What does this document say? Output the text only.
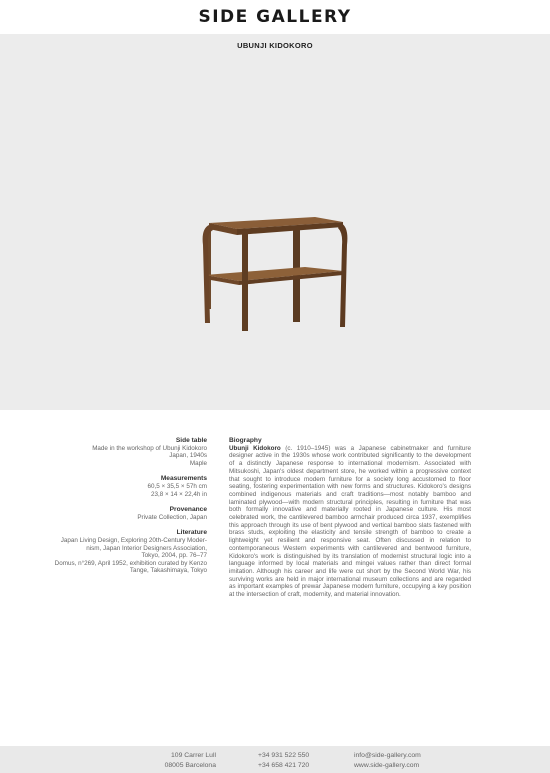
SIDE GALLERY
UBUNJI KIDOKORO
Side table
Made in the workshop of Ubunji Kidokoro
Japan, 1940s
Maple
Measurements
60,5 × 35,5 × 57h cm
23,8 × 14 × 22,4h in
Provenance
Private Collection, Japan
Literature
Japan Living Design, Exploring 20th-Century Moder-
nism, Japan Interior Designers Association,
Tokyo, 2004, pp. 76–77
Domus, n°269, April 1952, exhibition curated by Kenzo
Tange, Takashimaya, Tokyo
Biography
Ubunji Kidokoro (c. 1910–1945) was a Japanese cabinetmaker and furniture designer active in the 1930s whose work contributed significantly to the development of a distinctly Japanese response to international modernism. Associated with Mitsukoshi, Japan's oldest department store, he worked within a progressive context that sought to introduce modern furniture for a society long accustomed to floor seating, fostering experimentation with new forms and structures. Kidokoro's designs combined indigenous materials and craft traditions—most notably bamboo and laminated plywood—with modern structural principles, resulting in furniture that was both formally innovative and materially rooted in Japanese culture. His most celebrated work, the cantilevered bamboo armchair produced circa 1937, exemplifies this approach through its use of bent plywood and vertical bamboo slats fastened with brass studs, exploiting the elasticity and tensile strength of bamboo to create a lightweight yet resilient and responsive seat. Often discussed in relation to contemporaneous Western experiments with cantilevered and bentwood furniture, Kidokoro's work is distinguished by its translation of modernist structural logic into a language informed by local materials and mingei values rather than direct formal imitation. Although his career and life were cut short by the Second World War, his surviving works are held in major international museum collections and are regarded as important examples of prewar Japanese modern furniture, occupying a key position at the intersection of craft, modernity, and material innovation.
109 Carrer Lull
08005 Barcelona
+34 931 522 550
+34 658 421 720
info@side-gallery.com
www.side-gallery.com
